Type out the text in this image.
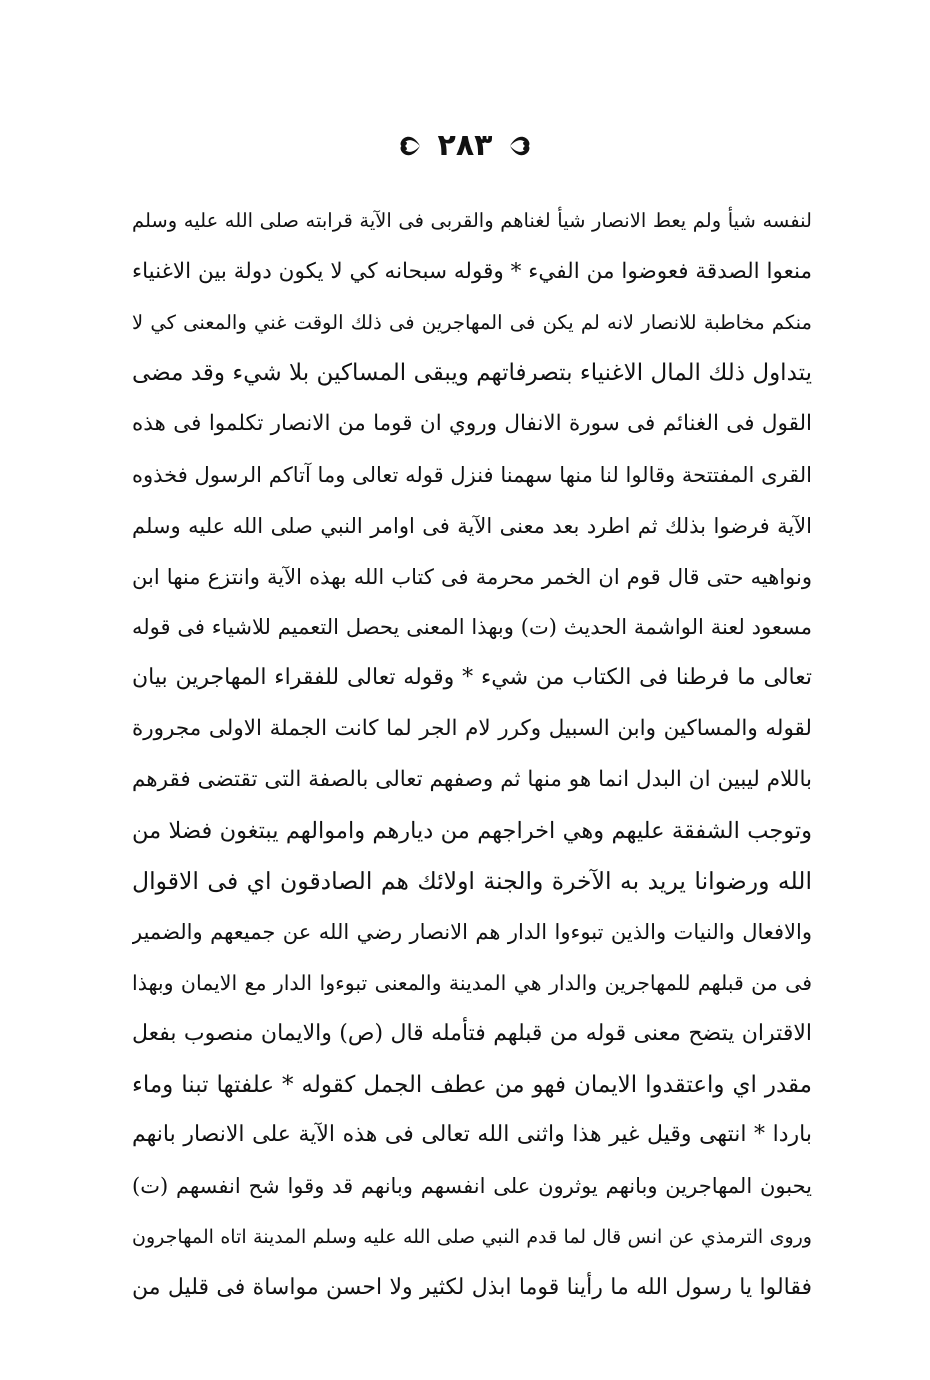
٢٨٣
لنفسه شيأ ولم يعط الانصار شيأ لغناهم والقربى فى الآية قرابته صلى الله عليه وسلم
منعوا الصدقة فعوضوا من الفيء * وقوله سبحانه كي لا يكون دولة بين الاغنياء
منكم مخاطبة للانصار لانه لم يكن فى المهاجرين فى ذلك الوقت غني والمعنى كي لا
يتداول ذلك المال الاغنياء بتصرفاتهم ويبقى المساكين بلا شيء وقد مضى
القول فى الغنائم فى سورة الانفال وروي ان قوما من الانصار تكلموا فى هذه
القرى المفتتحة وقالوا لنا منها سهمنا فنزل قوله تعالى وما آتاكم الرسول فخذوه
الآية فرضوا بذلك ثم اطرد بعد معنى الآية فى اوامر النبي صلى الله عليه وسلم
ونواهيه حتى قال قوم ان الخمر محرمة فى كتاب الله بهذه الآية وانتزع منها ابن
مسعود لعنة الواشمة الحديث (ت) وبهذا المعنى يحصل التعميم للاشياء فى قوله
تعالى ما فرطنا فى الكتاب من شيء * وقوله تعالى للفقراء المهاجرين بيان
لقوله والمساكين وابن السبيل وكرر لام الجر لما كانت الجملة الاولى مجرورة
باللام ليبين ان البدل انما هو منها ثم وصفهم تعالى بالصفة التى تقتضى فقرهم
وتوجب الشفقة عليهم وهي اخراجهم من ديارهم واموالهم يبتغون فضلا من
الله ورضوانا يريد به الآخرة والجنة اولائك هم الصادقون اي فى الاقوال
والافعال والنيات والذين تبوءوا الدار هم الانصار رضي الله عن جميعهم والضمير
فى من قبلهم للمهاجرين والدار هي المدينة والمعنى تبوءوا الدار مع الايمان وبهذا
الاقتران يتضح معنى قوله من قبلهم فتأمله قال (ص) والايمان منصوب بفعل
مقدر اي واعتقدوا الايمان فهو من عطف الجمل كقوله * علفتها تبنا وماء
باردا * انتهى وقيل غير هذا واثنى الله تعالى فى هذه الآية على الانصار بانهم
يحبون المهاجرين وبانهم يوثرون على انفسهم وبانهم قد وقوا شح انفسهم (ت)
وروى الترمذي عن انس قال لما قدم النبي صلى الله عليه وسلم المدينة اتاه المهاجرون
فقالوا يا رسول الله ما رأينا قوما ابذل لكثير ولا احسن مواساة فى قليل من
